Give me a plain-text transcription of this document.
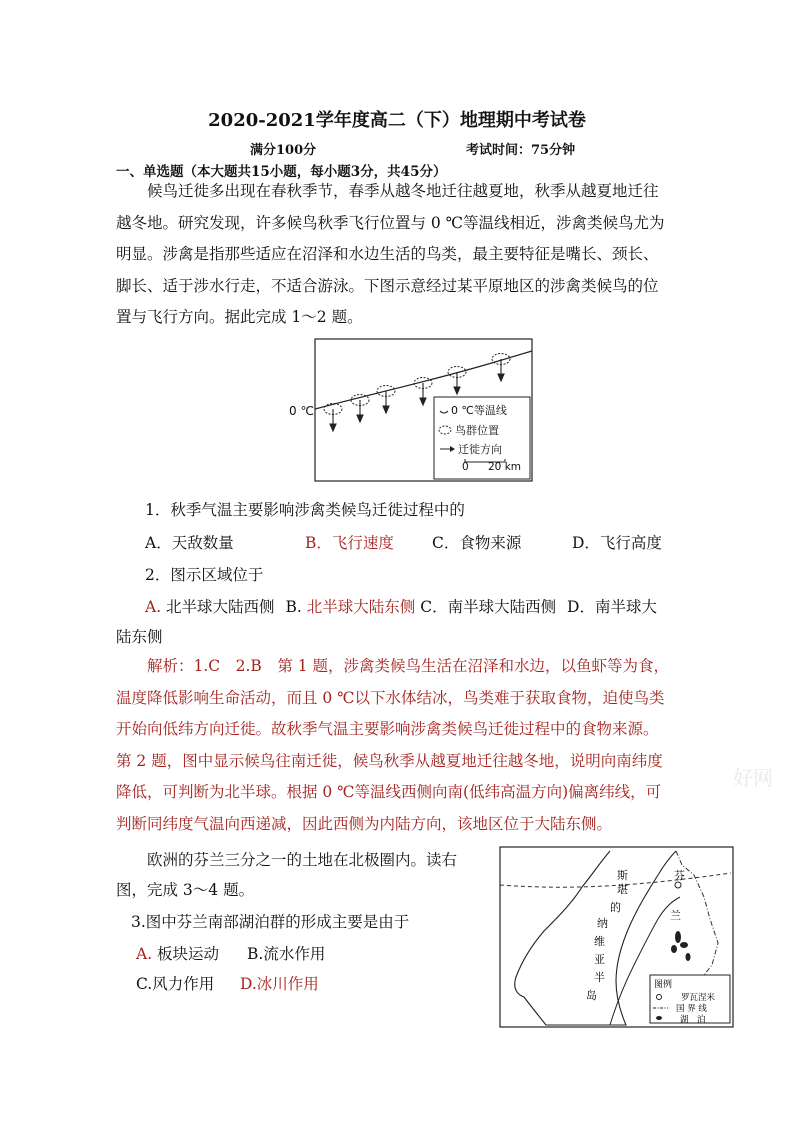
2020-2021学年度高二（下）地理期中考试卷
满分100分	考试时间：75分钟
一、单选题（本大题共15小题，每小题3分，共45分）
候鸟迁徙多出现在春秋季节，春季从越冬地迁往越夏地，秋季从越夏地迁往
越冬地。研究发现，许多候鸟秋季飞行位置与 0 ℃等温线相近，涉禽类候鸟尤为
明显。涉禽是指那些适应在沼泽和水边生活的鸟类，最主要特征是嘴长、颈长、
脚长、适于涉水行走，不适合游泳。下图示意经过某平原地区的涉禽类候鸟的位
置与飞行方向。据此完成 1～2 题。
0 ℃	0 ℃等温线
鸟群位置
迁徙方向
0 20 km
1．秋季气温主要影响涉禽类候鸟迁徙过程中的
A．天敌数量	B．飞行速度 C．食物来源	D．飞行高度
2．图示区域位于
A. 北半球大陆西侧 B. 北半球大陆东侧 C．南半球大陆西侧 D．南半球大
陆东侧
解析：1.C　2.B　第 1 题，涉禽类候鸟生活在沼泽和水边，以鱼虾等为食，
温度降低影响生命活动，而且 0 ℃以下水体结冰，鸟类难于获取食物，迫使鸟类
开始向低纬方向迁徙。故秋季气温主要影响涉禽类候鸟迁徙过程中的食物来源。
第 2 题，图中显示候鸟往南迁徙，候鸟秋季从越夏地迁往越冬地，说明向南纬度
降低，可判断为北半球。根据 0 ℃等温线西侧向南(低纬高温方向)偏离纬线，可
判断同纬度气温向西递减，因此西侧为内陆方向，该地区位于大陆东侧。
好网
欧洲的芬兰三分之一的土地在北极圈内。读右
图，完成 3～4 题。
3.图中芬兰南部湖泊群的形成主要是由于
A. 板块运动 B.流水作用
C.风力作用 D.冰川作用
斯
堪
的
纳
维
亚
半
岛
芬
兰
图例
罗瓦涅米
国 界 线
湖　泊
